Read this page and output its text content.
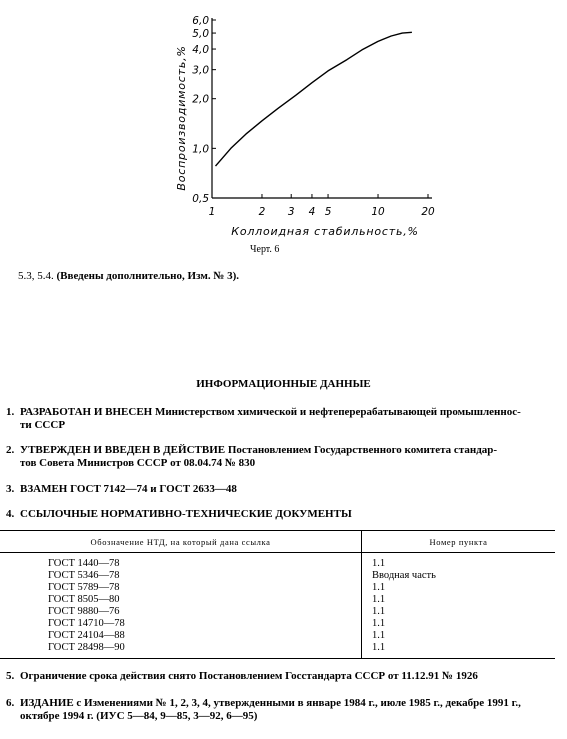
1	2 3 4 5	10	20
0,5
1,0
2,0
3,0
4,0
5,0
6,0
Коллоидная стабильность,%
Воспроизводимость,%
Черт. 6
5.3, 5.4. (Введены дополнительно, Изм. № 3).
ИНФОРМАЦИОННЫЕ ДАННЫЕ
1. РАЗРАБОТАН И ВНЕСЕН Министерством химической и нефтеперерабатывающей промышленнос-
ти СССР
2. УТВЕРЖДЕН И ВВЕДЕН В ДЕЙСТВИЕ Постановлением Государственного комитета стандар-
тов Совета Министров СССР от 08.04.74 № 830
3. ВЗАМЕН ГОСТ 7142—74 и ГОСТ 2633—48
4. ССЫЛОЧНЫЕ НОРМАТИВНО-ТЕХНИЧЕСКИЕ ДОКУМЕНТЫ
Обозначение НТД, на который дана ссылка	Номер пункта
ГОСТ 1440—78	1.1
ГОСТ 5346—78	Вводная часть
ГОСТ 5789—78	1.1
ГОСТ 8505—80	1.1
ГОСТ 9880—76	1.1
ГОСТ 14710—78	1.1
ГОСТ 24104—88	1.1
ГОСТ 28498—90	1.1
5. Ограничение срока действия снято Постановлением Госстандарта СССР от 11.12.91 № 1926
6. ИЗДАНИЕ с Изменениями № 1, 2, 3, 4, утвержденными в январе 1984 г., июле 1985 г., декабре 1991 г.,
октябре 1994 г. (ИУС 5—84, 9—85, 3—92, 6—95)
